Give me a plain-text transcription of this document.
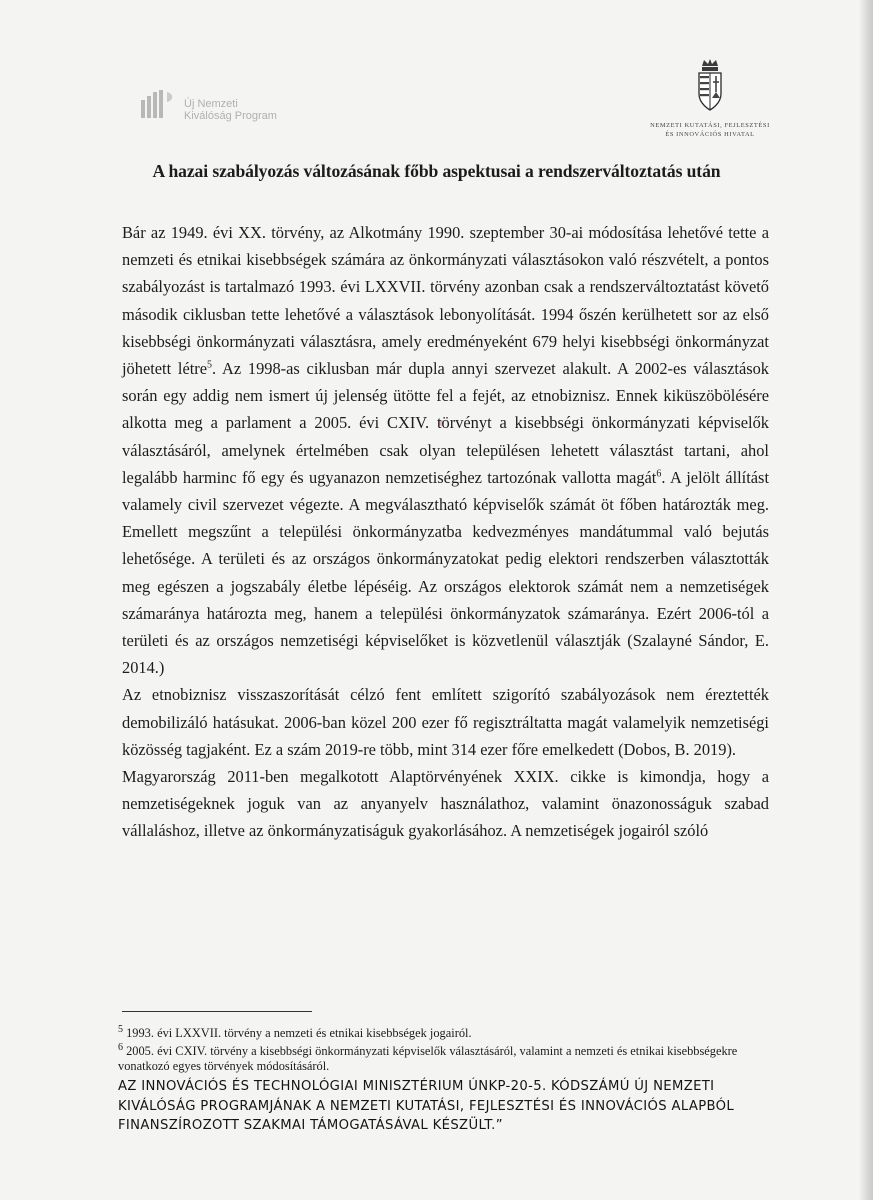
Új Nemzeti
Kiválóság Program
NEMZETI KUTATÁSI, FEJLESZTÉSI
ÉS INNOVÁCIÓS HIVATAL
A hazai szabályozás változásának főbb aspektusai a rendszerváltoztatás után

Bár az 1949. évi XX. törvény, az Alkotmány 1990. szeptember 30-ai módosítása lehetővé tette a nemzeti és etnikai kisebbségek számára az önkormányzati választásokon való részvételt, a pontos szabályozást is tartalmazó 1993. évi LXXVII. törvény azonban csak a rendszerváltoztatást követő második ciklusban tette lehetővé a választások lebonyolítását. 1994 őszén kerülhetett sor az első kisebbségi önkormányzati választásra, amely eredményeként 679 helyi kisebbségi önkormányzat jöhetett létre$^5$. Az 1998-as ciklusban már dupla annyi szervezet alakult. A 2002-es választások során egy addig nem ismert új jelenség ütötte fel a fejét, az etnobiznisz. Ennek kiküszöbölésére alkotta meg a parlament a 2005. évi CXIV. törvényt a kisebbségi önkormányzati képviselők választásáról, amelynek értelmében csak olyan településen lehetett választást tartani, ahol legalább harminc fő egy és ugyanazon nemzetiséghez tartozónak vallotta magát$^6$. A jelölt állítást valamely civil szervezet végezte. A megválasztható képviselők számát öt főben határozták meg. Emellett megszűnt a települési önkormányzatba kedvezményes mandátummal való bejutás lehetősége. A területi és az országos önkormányzatokat pedig elektori rendszerben választották meg egészen a jogszabály életbe lépéséig. Az országos elektorok számát nem a nemzetiségek számaránya határozta meg, hanem a települési önkormányzatok számaránya. Ezért 2006-tól a területi és az országos nemzetiségi képviselőket is közvetlenül választják (Szalayné Sándor, E. 2014.)

Az etnobiznisz visszaszorítását célzó fent említett szigorító szabályozások nem éreztették demobilizáló hatásukat. 2006-ban közel 200 ezer fő regisztráltatta magát valamelyik nemzetiségi közösség tagjaként. Ez a szám 2019-re több, mint 314 ezer főre emelkedett (Dobos, B. 2019).

Magyarország 2011-ben megalkotott Alaptörvényének XXIX. cikke is kimondja, hogy a nemzetiségeknek joguk van az anyanyelv használathoz, valamint önazonosságuk szabad vállaláshoz, illetve az önkormányzatiságuk gyakorlásához. A nemzetiségek jogairól szóló

$^5$ 1993. évi LXXVII. törvény a nemzeti és etnikai kisebbségek jogairól.

$^6$ 2005. évi CXIV. törvény a kisebbségi önkormányzati képviselők választásáról, valamint a nemzeti és etnikai kisebbségekre vonatkozó egyes törvények módosításáról.

AZ INNOVÁCIÓS ÉS TECHNOLÓGIAI MINISZTÉRIUM ÚNKP-20-5. KÓDSZÁMÚ ÚJ NEMZETI KIVÁLÓSÁG PROGRAMJÁNAK A NEMZETI KUTATÁSI, FEJLESZTÉSI ÉS INNOVÁCIÓS ALAPBÓL FINANSZÍROZOTT SZAKMAI TÁMOGATÁSÁVAL KÉSZÜLT.”
